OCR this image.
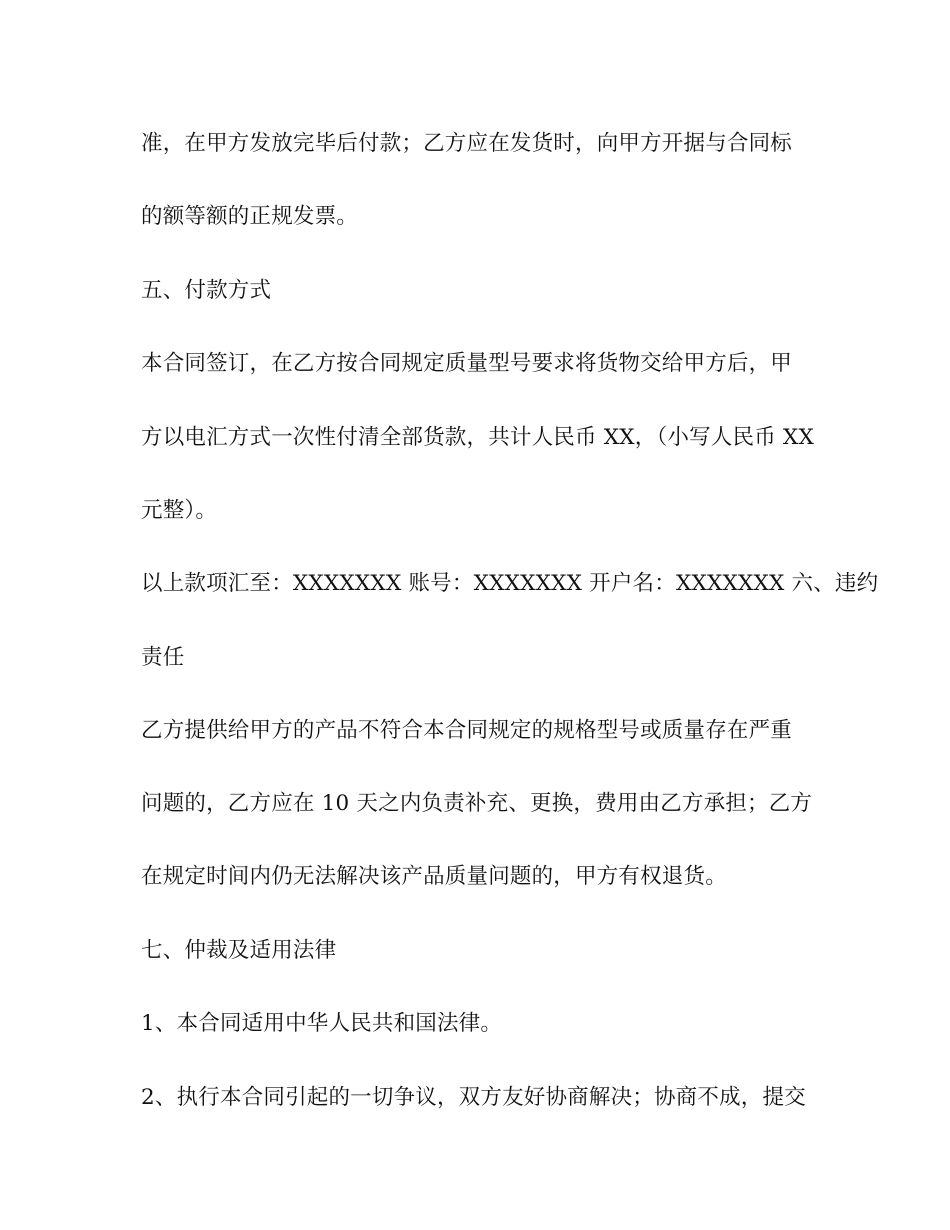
准，在甲方发放完毕后付款；乙方应在发货时，向甲方开据与合同标
的额等额的正规发票。
五、付款方式
本合同签订，在乙方按合同规定质量型号要求将货物交给甲方后，甲
方以电汇方式一次性付清全部货款，共计人民币 XX，（小写人民币 XX
元整）。
以上款项汇至：XXXXXXX 账号：XXXXXXX 开户名：XXXXXXX 六、违约
责任
乙方提供给甲方的产品不符合本合同规定的规格型号或质量存在严重
问题的，乙方应在 10 天之内负责补充、更换，费用由乙方承担；乙方
在规定时间内仍无法解决该产品质量问题的，甲方有权退货。
七、仲裁及适用法律
1、本合同适用中华人民共和国法律。
2、执行本合同引起的一切争议，双方友好协商解决；协商不成，提交
